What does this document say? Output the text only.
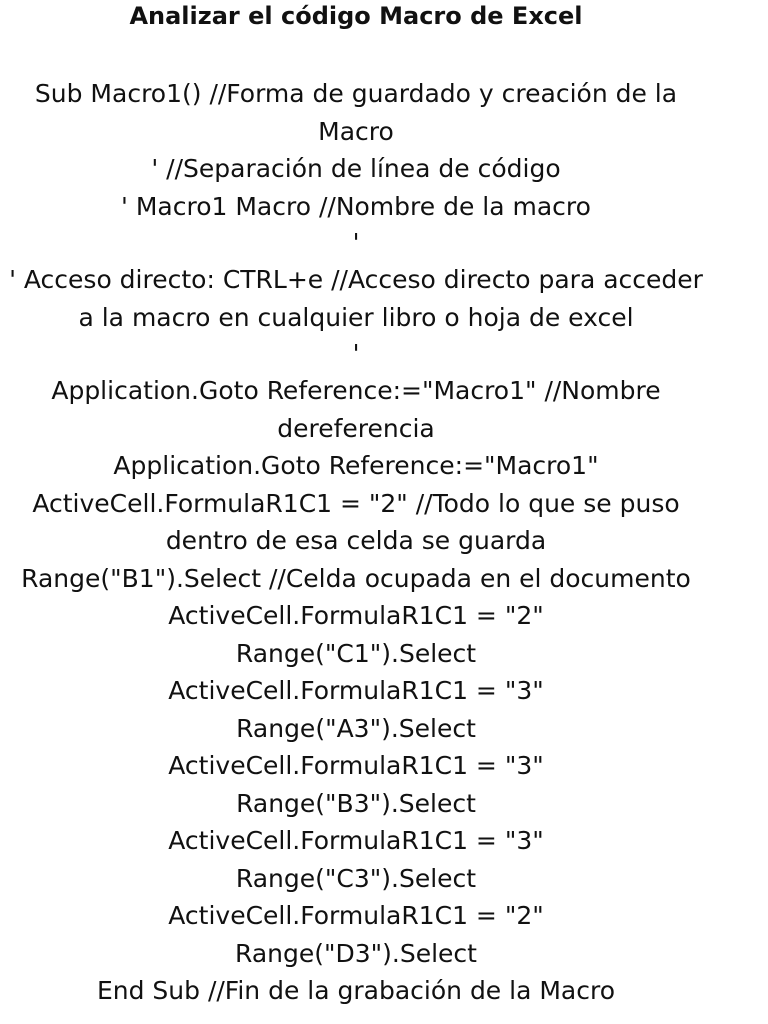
Analizar el código Macro de Excel
Sub Macro1() //Forma de guardado y creación de la Macro
' //Separación de línea de código
' Macro1 Macro //Nombre de la macro
'
' Acceso directo: CTRL+e //Acceso directo para acceder a la macro en cualquier libro o hoja de excel
'
Application.Goto Reference:="Macro1" //Nombre dereferencia
Application.Goto Reference:="Macro1"
ActiveCell.FormulaR1C1 = "2" //Todo lo que se puso dentro de esa celda se guarda
Range("B1").Select //Celda ocupada en el documento
ActiveCell.FormulaR1C1 = "2"
Range("C1").Select
ActiveCell.FormulaR1C1 = "3"
Range("A3").Select
ActiveCell.FormulaR1C1 = "3"
Range("B3").Select
ActiveCell.FormulaR1C1 = "3"
Range("C3").Select
ActiveCell.FormulaR1C1 = "2"
Range("D3").Select
End Sub //Fin de la grabación de la Macro
